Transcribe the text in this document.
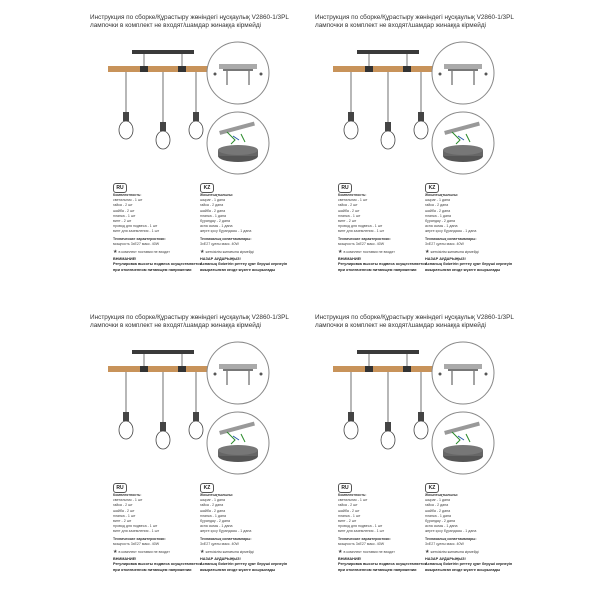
Инструкция по сборке/Құрастыру жөніндегі нұсқаулық V2860-1/3PL
лампочки в комплект не входят/шамдар жинаққа кірмейді
RU	KZ
Комплектность:
светильник - 1 шт
гайка - 2 шт
шайба - 2 шт
планка - 1 шт
винт - 2 шт
провод для подвеса - 1 шт
винт для заземления - 1 шт
Технические характеристики:
мощность 3xE27 макс. 40W
★ в комплект поставки не входит
ВНИМАНИЕ!
Регулировка высоты подвеса осуществляется
при отключенном питающем напряжении
Жиынтықтылығы:
шырағ - 1 дана
гайка - 2 дана
шайба - 2 дана
планка - 1 дана
бұрандау - 2 дана
аспа сымы - 1 дана
жерге қосу бұрандасы - 1 дана
Техникалық сипаттамалары:
3xE27 қуаты макс. 40W
★ жеткізілім жинағына кірмейді
НАЗАР АУДАРЫҢЫЗ!
Аспаның биіктігін реттеу қуат берушi кернеуiн
ажыратылған кезде жүзеге асырылады
Инструкция по сборке/Құрастыру жөніндегі нұсқаулық V2860-1/3PL
лампочки в комплект не входят/шамдар жинаққа кірмейді
RU	KZ
Комплектность:
светильник - 1 шт
гайка - 2 шт
шайба - 2 шт
планка - 1 шт
винт - 2 шт
провод для подвеса - 1 шт
винт для заземления - 1 шт
Технические характеристики:
мощность 3xE27 макс. 40W
★ в комплект поставки не входит
ВНИМАНИЕ!
Регулировка высоты подвеса осуществляется
при отключенном питающем напряжении
Жиынтықтылығы:
шырағ - 1 дана
гайка - 2 дана
шайба - 2 дана
планка - 1 дана
бұрандау - 2 дана
аспа сымы - 1 дана
жерге қосу бұрандасы - 1 дана
Техникалық сипаттамалары:
3xE27 қуаты макс. 40W
★ жеткізілім жинағына кірмейді
НАЗАР АУДАРЫҢЫЗ!
Аспаның биіктігін реттеу қуат берушi кернеуiн
ажыратылған кезде жүзеге асырылады
Инструкция по сборке/Құрастыру жөніндегі нұсқаулық V2860-1/3PL
лампочки в комплект не входят/шамдар жинаққа кірмейді
RU	KZ
Комплектность:
светильник - 1 шт
гайка - 2 шт
шайба - 2 шт
планка - 1 шт
винт - 2 шт
провод для подвеса - 1 шт
винт для заземления - 1 шт
Технические характеристики:
мощность 3xE27 макс. 40W
★ в комплект поставки не входит
ВНИМАНИЕ!
Регулировка высоты подвеса осуществляется
при отключенном питающем напряжении
Жиынтықтылығы:
шырағ - 1 дана
гайка - 2 дана
шайба - 2 дана
планка - 1 дана
бұрандау - 2 дана
аспа сымы - 1 дана
жерге қосу бұрандасы - 1 дана
Техникалық сипаттамалары:
3xE27 қуаты макс. 40W
★ жеткізілім жинағына кірмейді
НАЗАР АУДАРЫҢЫЗ!
Аспаның биіктігін реттеу қуат берушi кернеуiн
ажыратылған кезде жүзеге асырылады
Инструкция по сборке/Құрастыру жөніндегі нұсқаулық V2860-1/3PL
лампочки в комплект не входят/шамдар жинаққа кірмейді
RU	KZ
Комплектность:
светильник - 1 шт
гайка - 2 шт
шайба - 2 шт
планка - 1 шт
винт - 2 шт
провод для подвеса - 1 шт
винт для заземления - 1 шт
Технические характеристики:
мощность 3xE27 макс. 40W
★ в комплект поставки не входит
ВНИМАНИЕ!
Регулировка высоты подвеса осуществляется
при отключенном питающем напряжении
Жиынтықтылығы:
шырағ - 1 дана
гайка - 2 дана
шайба - 2 дана
планка - 1 дана
бұрандау - 2 дана
аспа сымы - 1 дана
жерге қосу бұрандасы - 1 дана
Техникалық сипаттамалары:
3xE27 қуаты макс. 40W
★ жеткізілім жинағына кірмейді
НАЗАР АУДАРЫҢЫЗ!
Аспаның биіктігін реттеу қуат берушi кернеуiн
ажыратылған кезде жүзеге асырылады
